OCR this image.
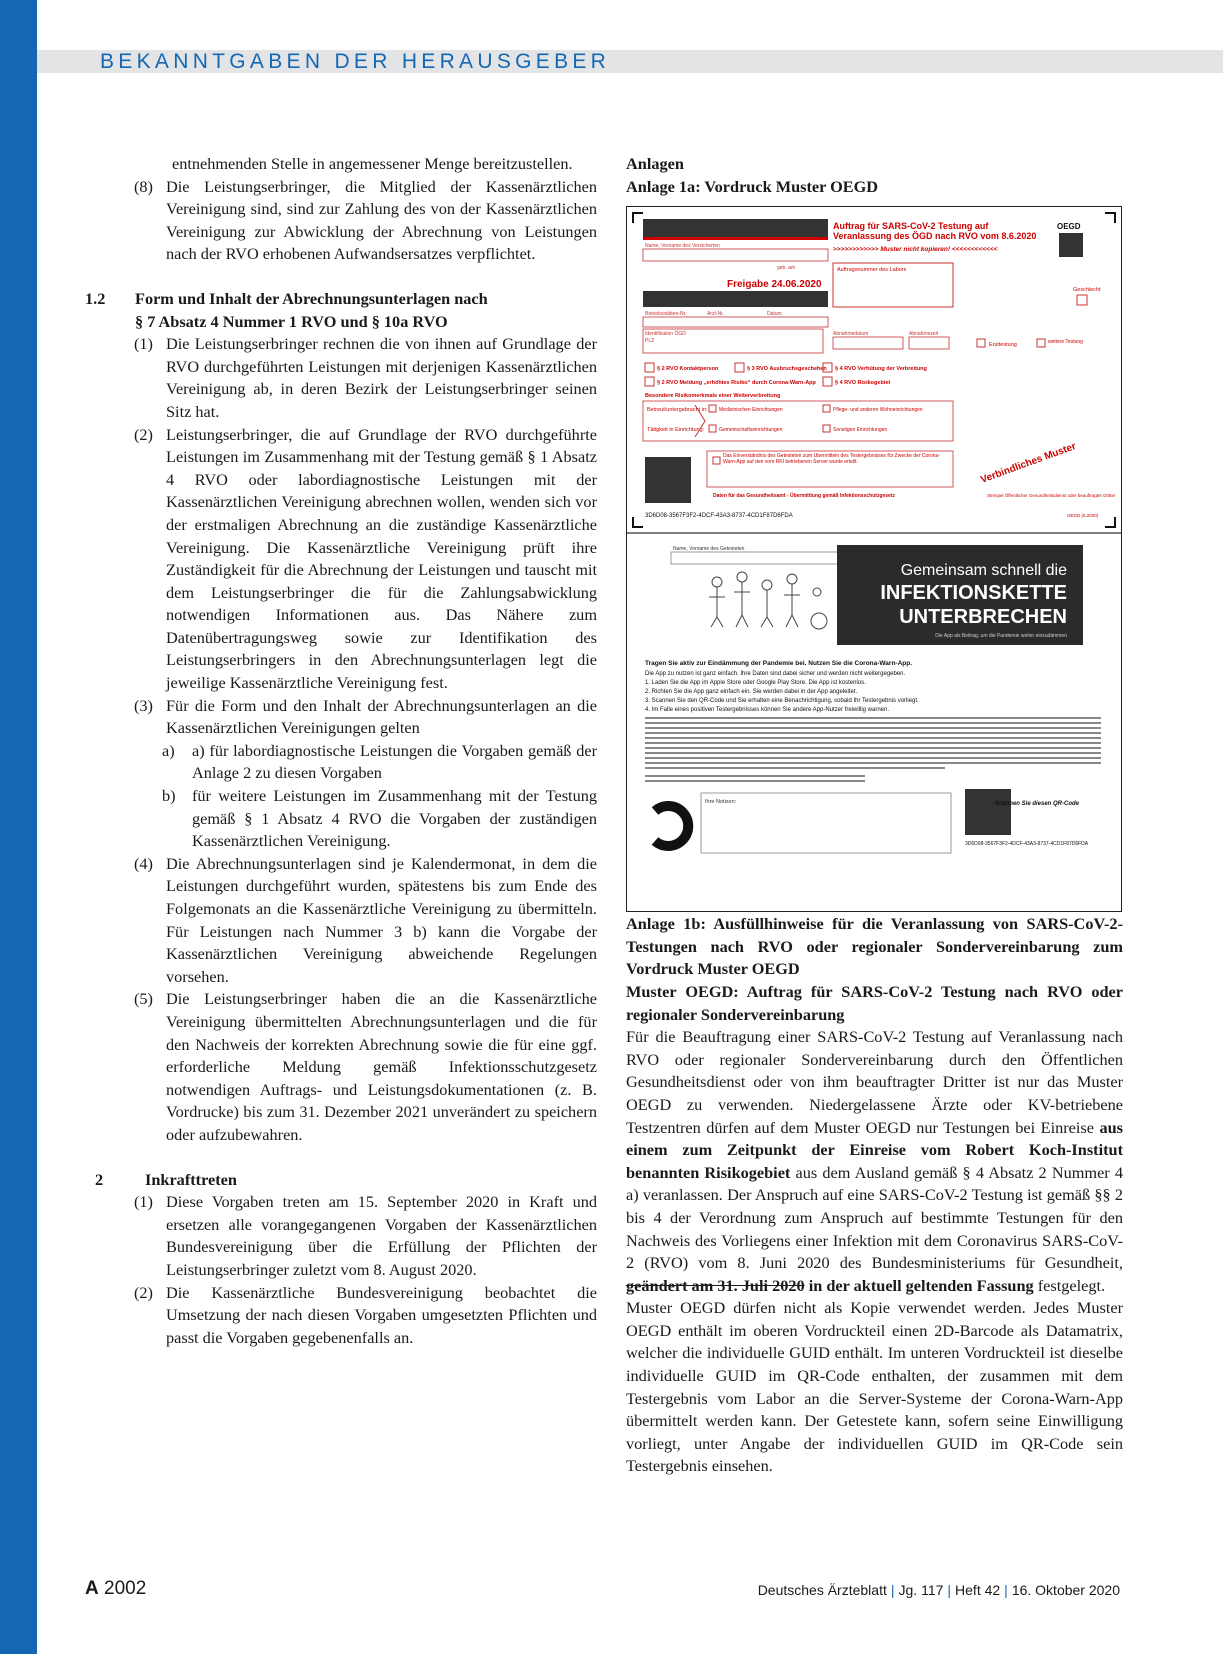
BEKANNTGABEN DER HERAUSGEBER

entnehmenden Stelle in angemessener Menge bereitzustellen.

(8) Die Leistungserbringer, die Mitglied der Kassenärztlichen Vereinigung sind, sind zur Zahlung des von der Kassenärztlichen Vereinigung zur Abwicklung der Abrechnung von Leistungen nach der RVO erhobenen Aufwandsersatzes verpflichtet.
1.2	Form und Inhalt der Abrechnungsunterlagen nach
§ 7 Absatz 4 Nummer 1 RVO und § 10a RVO
(1) Die Leistungserbringer rechnen die von ihnen auf Grundlage der RVO durchgeführten Leistungen mit derjenigen Kassenärztlichen Vereinigung ab, in deren Bezirk der Leistungserbringer seinen Sitz hat.
(2) Leistungserbringer, die auf Grundlage der RVO durchgeführte Leistungen im Zusammenhang mit der Testung gemäß § 1 Absatz 4 RVO oder labordiagnostische Leistungen mit der Kassenärztlichen Vereinigung abrechnen wollen, wenden sich vor der erstmaligen Abrechnung an die zuständige Kassenärztliche Vereinigung. Die Kassenärztliche Vereinigung prüft ihre Zuständigkeit für die Abrechnung der Leistungen und tauscht mit dem Leistungserbringer die für die Zahlungsabwicklung notwendigen Informationen aus. Das Nähere zum Datenübertragungsweg sowie zur Identifikation des Leistungserbringers in den Abrechnungsunterlagen legt die jeweilige Kassenärztliche Vereinigung fest.
(3) Für die Form und den Inhalt der Abrechnungsunterlagen an die Kassenärztlichen Vereinigungen gelten
a)	a) für labordiagnostische Leistungen die Vorgaben gemäß der Anlage 2 zu diesen Vorgaben
b)	für weitere Leistungen im Zusammenhang mit der Testung gemäß § 1 Absatz 4 RVO die Vorgaben der zuständigen Kassenärztlichen Vereinigung.
(4) Die Abrechnungsunterlagen sind je Kalendermonat, in dem die Leistungen durchgeführt wurden, spätestens bis zum Ende des Folgemonats an die Kassenärztliche Vereinigung zu übermitteln. Für Leistungen nach Nummer 3 b) kann die Vorgabe der Kassenärztlichen Vereinigung abweichende Regelungen vorsehen.
(5) Die Leistungserbringer haben die an die Kassenärztliche Vereinigung übermittelten Abrechnungsunterlagen und die für den Nachweis der korrekten Abrechnung sowie die für eine ggf. erforderliche Meldung gemäß Infektionsschutzgesetz notwendigen Auftrags- und Leistungsdokumentationen (z. B. Vordrucke) bis zum 31. Dezember 2021 unverändert zu speichern oder aufzubewahren.
2	Inkrafttreten
(1) Diese Vorgaben treten am 15. September 2020 in Kraft und ersetzen alle vorangegangenen Vorgaben der Kassenärztlichen Bundesvereinigung über die Erfüllung der Pflichten der Leistungserbringer zuletzt vom 8. August 2020.
(2) Die Kassenärztliche Bundesvereinigung beobachtet die Umsetzung der nach diesen Vorgaben umgesetzten Pflichten und passt die Vorgaben gegebenenfalls an.

Anlagen

Anlage 1a: Vordruck Muster OEGD

Anlage 1b: Ausfüllhinweise für die Veranlassung von SARS-CoV-2-Testungen nach RVO oder regionaler Sondervereinbarung zum Vordruck Muster OEGD

Muster OEGD: Auftrag für SARS-CoV-2 Testung nach RVO oder regionaler Sondervereinbarung

Für die Beauftragung einer SARS-CoV-2 Testung auf Veranlassung nach RVO oder regionaler Sondervereinbarung durch den Öffentlichen Gesundheitsdienst oder von ihm beauftragter Dritter ist nur das Muster OEGD zu verwenden. Niedergelassene Ärzte oder KV-betriebene Testzentren dürfen auf dem Muster OEGD nur Testungen bei Einreise aus einem zum Zeitpunkt der Einreise vom Robert Koch-Institut benannten Risikogebiet aus dem Ausland gemäß § 4 Absatz 2 Nummer 4 a) veranlassen. Der Anspruch auf eine SARS-CoV-2 Testung ist gemäß §§ 2 bis 4 der Verordnung zum Anspruch auf bestimmte Testungen für den Nachweis des Vorliegens einer Infektion mit dem Coronavirus SARS-CoV-2 (RVO) vom 8. Juni 2020 des Bundesministeriums für Gesundheit, geändert am 31. Juli 2020 in der aktuell geltenden Fassung festgelegt.

Muster OEGD dürfen nicht als Kopie verwendet werden. Jedes Muster OEGD enthält im oberen Vordruckteil einen 2D-Barcode als Datamatrix, welcher die individuelle GUID enthält. Im unteren Vordruckteil ist dieselbe individuelle GUID im QR-Code enthalten, der zusammen mit dem Testergebnis vom Labor an die Server-Systeme der Corona-Warn-App übermittelt werden kann. Der Getestete kann, sofern seine Einwilligung vorliegt, unter Angabe der individuellen GUID im QR-Code sein Testergebnis einsehen.

Name, Vorname des Versicherten
geb. am
Freigabe 24.06.2020
Betriebsstätten-Nr.	Arzt-Nr.	Datum
Auftrag für SARS-CoV-2 Testung auf
Veranlassung des ÖGD nach RVO vom 8.6.2020
>>>>>>>>>>>> Muster nicht kopieren! <<<<<<<<<<<<
OEGD
Auftragsnummer des Labors
Geschlecht
Identifikation ÖGD
PLZ
Abnahmedatum	Abnahmezeit
Ersttestung	weitere Testung
§ 2 RVO Kontaktperson	§ 3 RVO Ausbruchsgeschehen § 4 RVO Verhütung der Verbreitung
§ 2 RVO Meldung „erhöhtes Risiko“ durch Corona-Warn-App	§ 4 RVO Risikogebiet
Besondere Risikomerkmale einer Weiterverbreitung
Betreut/untergebracht in:
Tätigkeit in Einrichtung:
Medizinischen Einrichtungen
Gemeinschaftseinrichtungen
Pflege- und anderen Wohneinrichtungen
Sonstigen Einrichtungen
Das Einverständnis des Getesteten zum Übermitteln des Testergebnisses für Zwecke der Corona-Warn-App auf den vom RKI betriebenen Server wurde erteilt.
Daten für das Gesundheitsamt - Übermittlung gemäß Infektionsschutzgesetz
Verbindliches Muster
Stempel Öffentlicher Gesundheitsdienst oder beauftragter Dritter
3D6D08-3567F3F2-4DCF-43A3-8737-4CD1F87D6FDA	OEGD (6.2020)
Name, Vorname des Getesteten
Gemeinsam schnell die
INFEKTIONSKETTE
UNTERBRECHEN
Die App als Beitrag, um die Pandemie weiter einzudämmen
Tragen Sie aktiv zur Eindämmung der Pandemie bei. Nutzen Sie die Corona-Warn-App.
Die App zu nutzen ist ganz einfach. Ihre Daten sind dabei sicher und werden nicht weitergegeben.
1. Laden Sie die App im Apple Store oder Google Play Store. Die App ist kostenlos.
2. Richten Sie die App ganz einfach ein. Sie werden dabei in der App angeleitet.
3. Scannen Sie den QR-Code und Sie erhalten eine Benachrichtigung, sobald Ihr Testergebnis vorliegt.
4. Im Falle eines positiven Testergebnisses können Sie andere App-Nutzer freiwillig warnen.
Ihre Notizen:	Scannen Sie diesen QR-Code
3D6D08-3567F3F2-4DCF-43A3-8737-4CD1F87D6FDA
A 2002	Deutsches Ärzteblatt | Jg. 117 | Heft 42 | 16. Oktober 2020
